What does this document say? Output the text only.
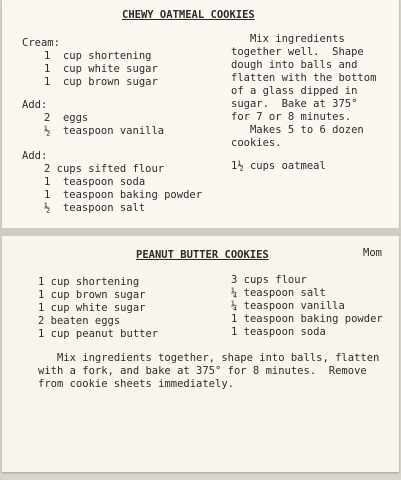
CHEWY OATMEAL COOKIES
Cream:
1  cup shortening
1  cup white sugar
1  cup brown sugar
Add:
2  eggs
½  teaspoon vanilla
Add:
2 cups sifted flour
1  teaspoon soda
1  teaspoon baking powder
½  teaspoon salt
Mix ingredients
together well.  Shape
dough into balls and
flatten with the bottom
of a glass dipped in
sugar.  Bake at 375°
for 7 or 8 minutes.
Makes 5 to 6 dozen
cookies.
1½ cups oatmeal
PEANUT BUTTER COOKIES	Mom
1 cup shortening
1 cup brown sugar
1 cup white sugar
2 beaten eggs
1 cup peanut butter
3 cups flour
¼ teaspoon salt
¼ teaspoon vanilla
1 teaspoon baking powder
1 teaspoon soda
Mix ingredients together, shape into balls, flatten
with a fork, and bake at 375° for 8 minutes.  Remove
from cookie sheets immediately.
